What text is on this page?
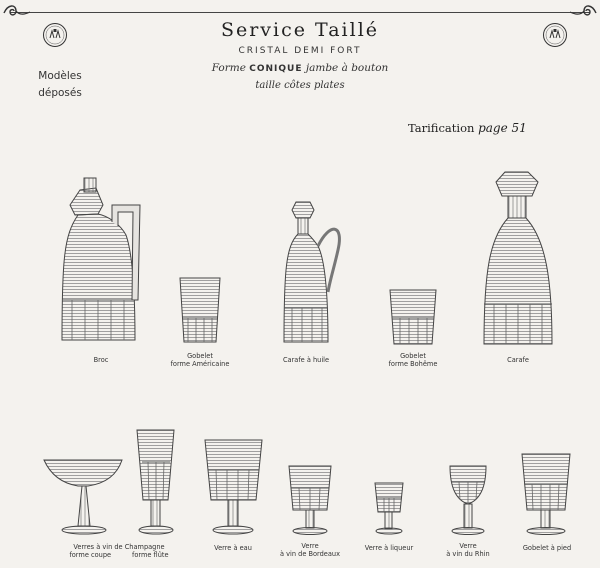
Service Taillé
CRISTAL DEMI FORT
Forme CONIQUE jambe à bouton
taille côtes plates
Modèles
déposés
Tarification page 51
Broc	Gobelet
forme Américaine	Carafe à huile	Gobelet
forme Bohême	Carafe
Verres à vin de Champagne
forme coupe	forme flûte
Verre à eau	Verre
à vin de Bordeaux
Verre à liqueur	Verre
à vin du Rhin
Gobelet à pied
